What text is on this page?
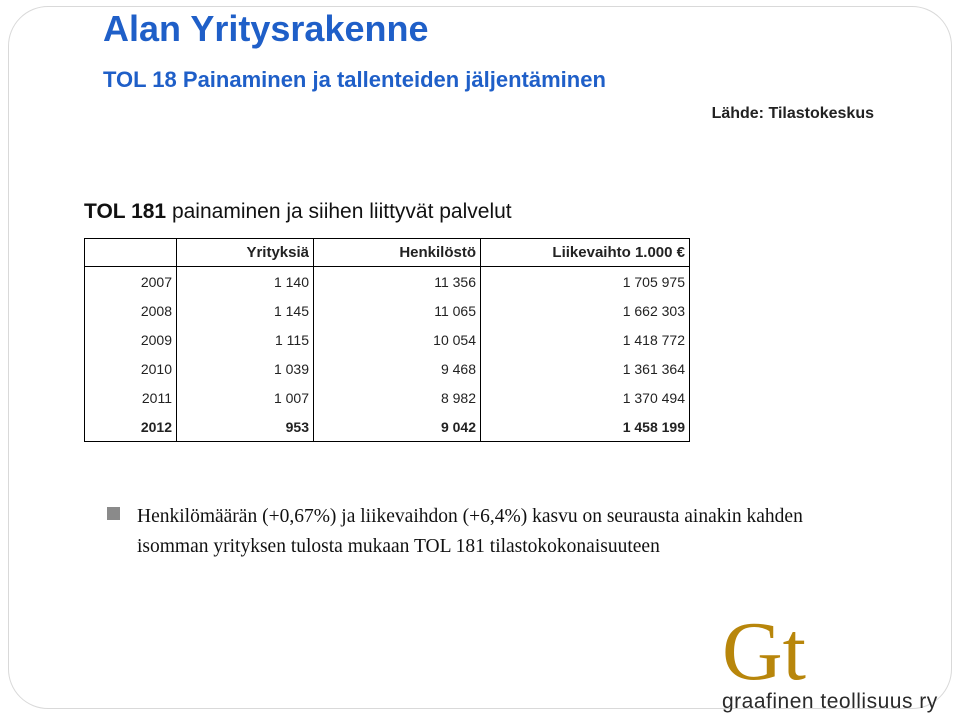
Alan Yritysrakenne
TOL 18 Painaminen ja tallenteiden jäljentäminen
Lähde: Tilastokeskus
TOL 181 painaminen ja siihen liittyvät palvelut
	Yrityksiä	Henkilöstö	Liikevaihto 1.000 €
2007	1 140	11 356	1 705 975
2008	1 145	11 065	1 662 303
2009	1 115	10 054	1 418 772
2010	1 039	9 468	1 361 364
2011	1 007	8 982	1 370 494
2012	953	9 042	1 458 199

Henkilömäärän (+0,67%) ja liikevaihdon (+6,4%) kasvu on seurausta ainakin kahden isomman yrityksen tulosta mukaan TOL 181 tilastokokonaisuuteen

Gt
graafinen teollisuus ry
